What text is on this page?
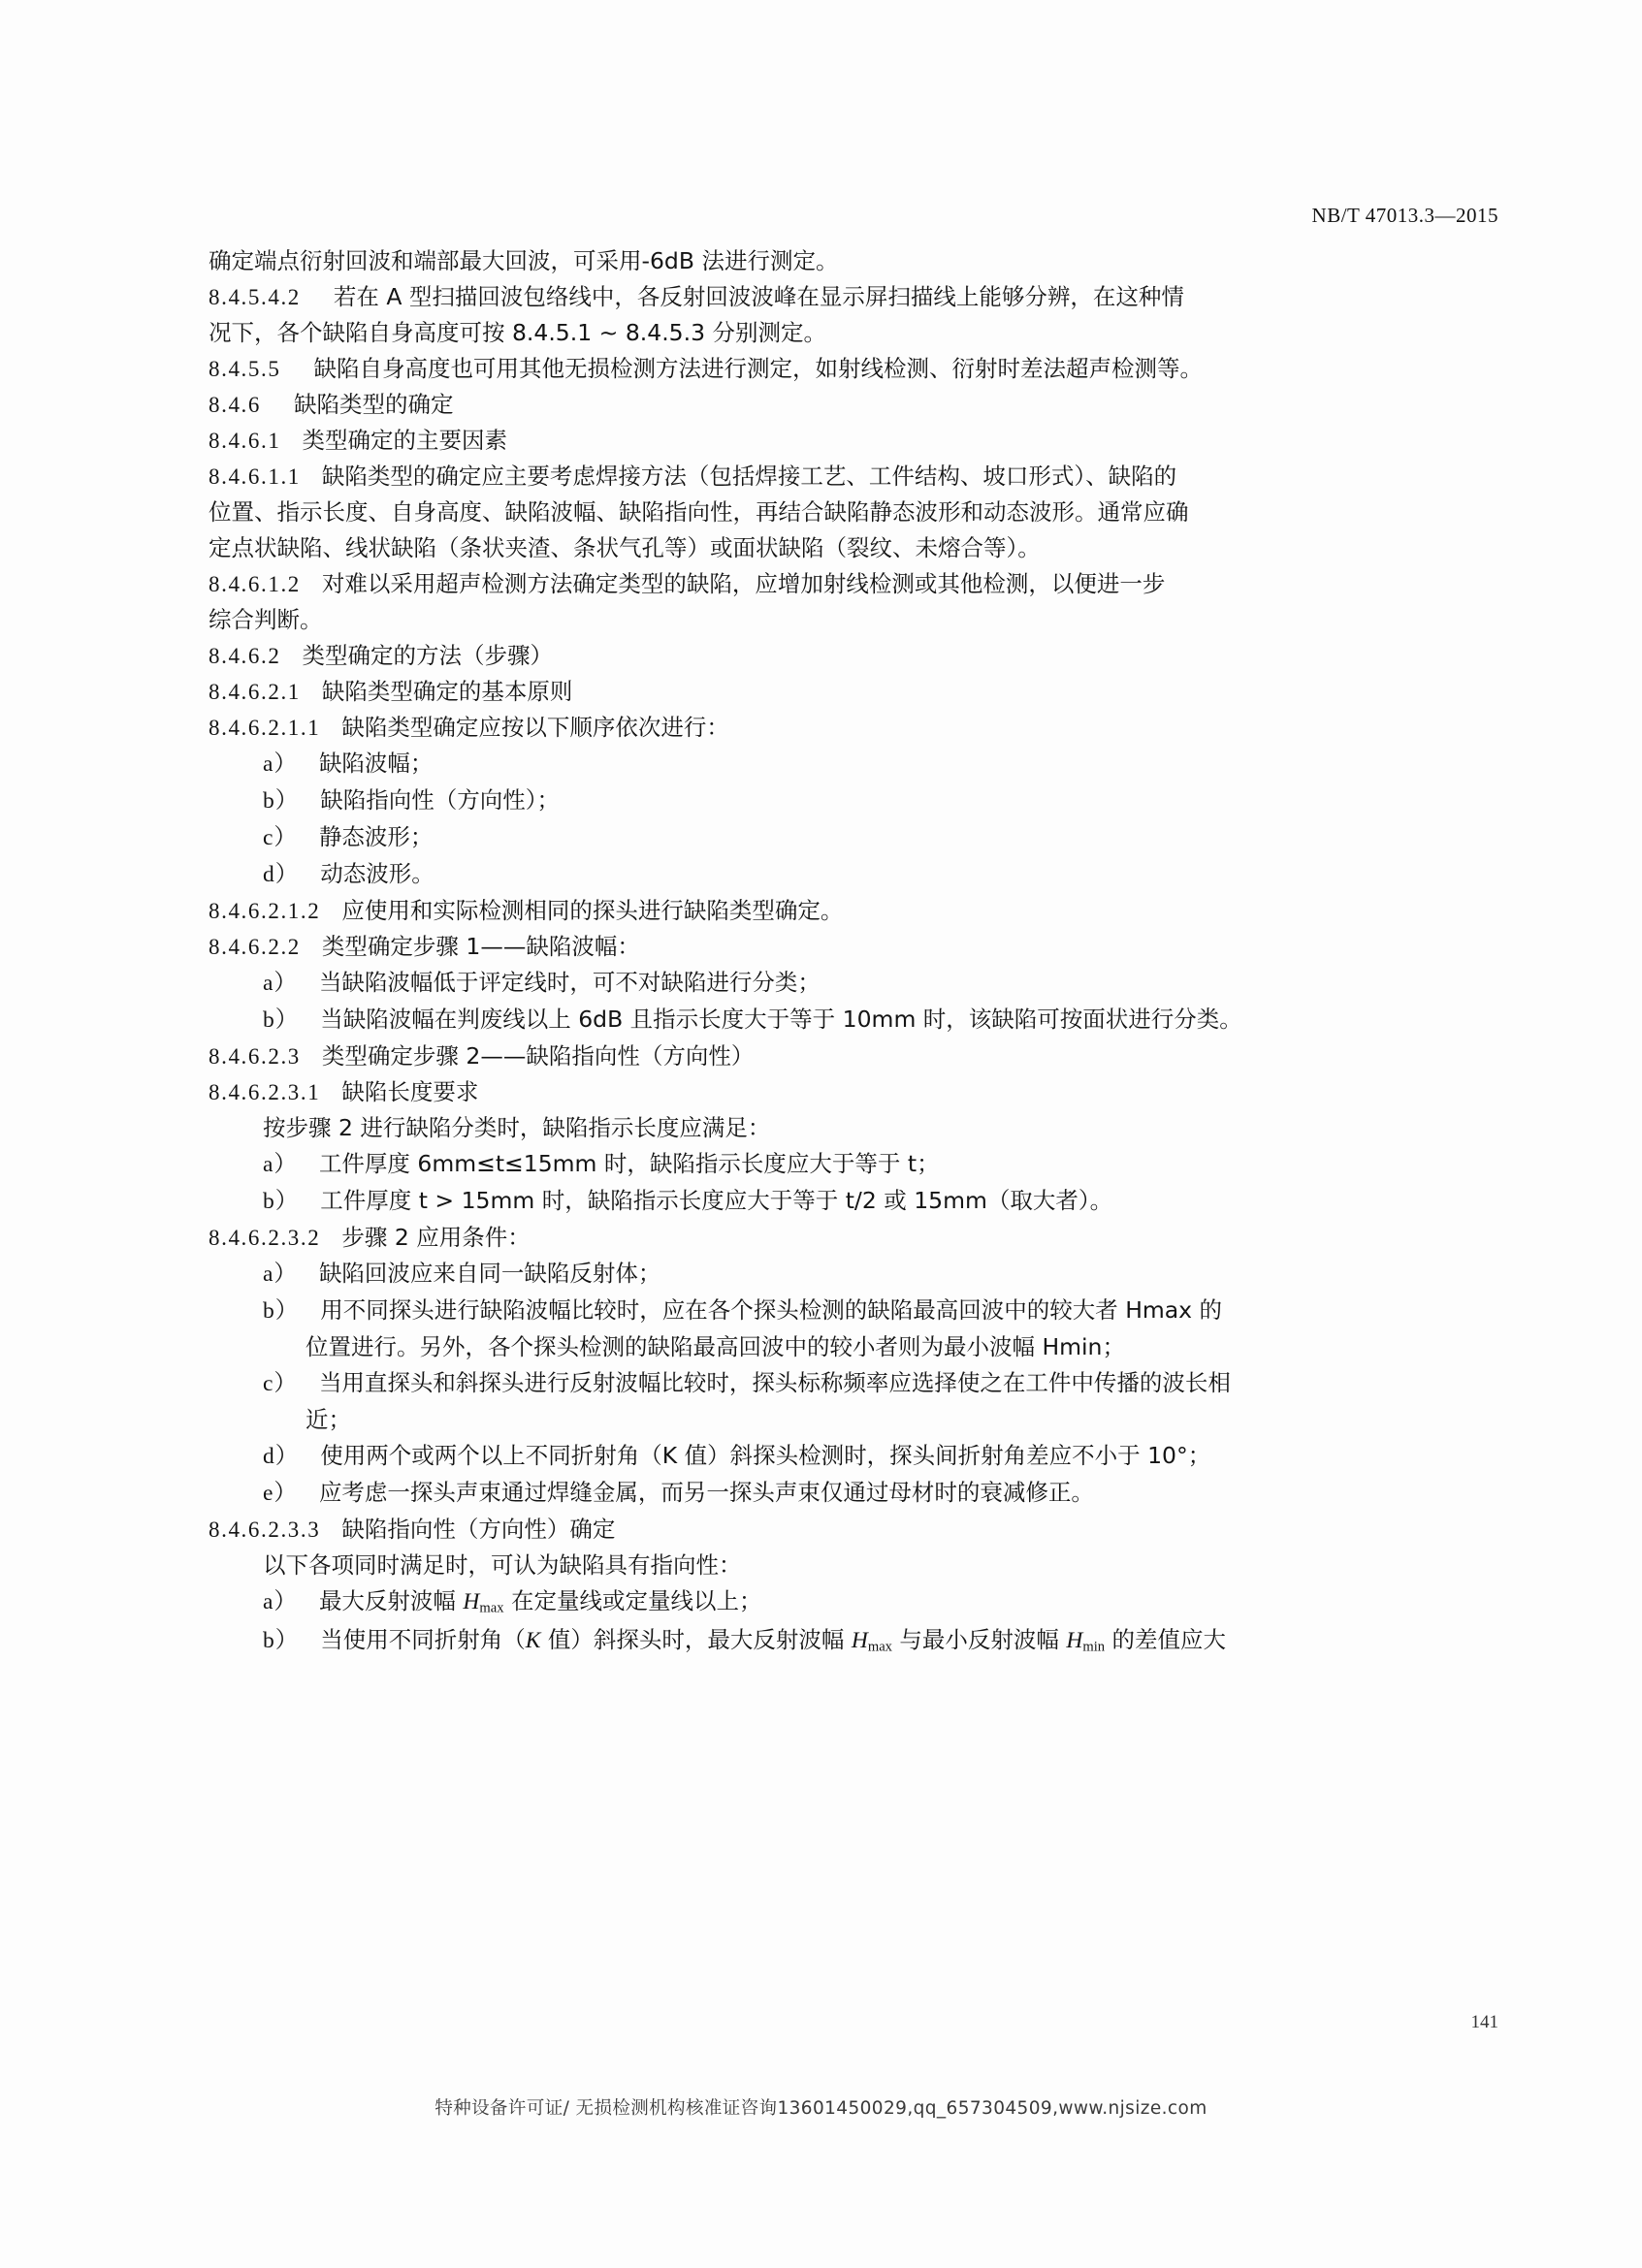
NB/T 47013.3—2015
确定端点衍射回波和端部最大回波，可采用-6dB 法进行测定。
8.4.5.4.2 若在 A 型扫描回波包络线中，各反射回波波峰在显示屏扫描线上能够分辨，在这种情
况下，各个缺陷自身高度可按 8.4.5.1 ~ 8.4.5.3 分别测定。
8.4.5.5 缺陷自身高度也可用其他无损检测方法进行测定，如射线检测、衍射时差法超声检测等。
8.4.6 缺陷类型的确定
8.4.6.1 类型确定的主要因素
8.4.6.1.1 缺陷类型的确定应主要考虑焊接方法（包括焊接工艺、工件结构、坡口形式）、缺陷的
位置、指示长度、自身高度、缺陷波幅、缺陷指向性，再结合缺陷静态波形和动态波形。通常应确
定点状缺陷、线状缺陷（条状夹渣、条状气孔等）或面状缺陷（裂纹、未熔合等）。
8.4.6.1.2 对难以采用超声检测方法确定类型的缺陷，应增加射线检测或其他检测，以便进一步
综合判断。
8.4.6.2 类型确定的方法（步骤）
8.4.6.2.1 缺陷类型确定的基本原则
8.4.6.2.1.1 缺陷类型确定应按以下顺序依次进行：
a） 缺陷波幅；
b） 缺陷指向性（方向性）；
c） 静态波形；
d） 动态波形。
8.4.6.2.1.2 应使用和实际检测相同的探头进行缺陷类型确定。
8.4.6.2.2 类型确定步骤 1——缺陷波幅：
a） 当缺陷波幅低于评定线时，可不对缺陷进行分类；
b） 当缺陷波幅在判废线以上 6dB 且指示长度大于等于 10mm 时，该缺陷可按面状进行分类。
8.4.6.2.3 类型确定步骤 2——缺陷指向性（方向性）
8.4.6.2.3.1 缺陷长度要求
按步骤 2 进行缺陷分类时，缺陷指示长度应满足：
a） 工件厚度 6mm≤t≤15mm 时，缺陷指示长度应大于等于 t；
b） 工件厚度 t > 15mm 时，缺陷指示长度应大于等于 t/2 或 15mm（取大者）。
8.4.6.2.3.2 步骤 2 应用条件：
a） 缺陷回波应来自同一缺陷反射体；
b） 用不同探头进行缺陷波幅比较时，应在各个探头检测的缺陷最高回波中的较大者 Hmax 的
位置进行。另外，各个探头检测的缺陷最高回波中的较小者则为最小波幅 Hmin；
c） 当用直探头和斜探头进行反射波幅比较时，探头标称频率应选择使之在工件中传播的波长相
近；
d） 使用两个或两个以上不同折射角（K 值）斜探头检测时，探头间折射角差应不小于 10°；
e） 应考虑一探头声束通过焊缝金属，而另一探头声束仅通过母材时的衰减修正。
8.4.6.2.3.3 缺陷指向性（方向性）确定
以下各项同时满足时，可认为缺陷具有指向性：
a） 最大反射波幅 $H_{max}$ 在定量线或定量线以上；
b） 当使用不同折射角（K 值）斜探头时，最大反射波幅 $H_{max}$ 与最小反射波幅 $H_{min}$ 的差值应大
141
特种设备许可证/ 无损检测机构核准证咨询13601450029,qq_657304509,www.njsize.com
